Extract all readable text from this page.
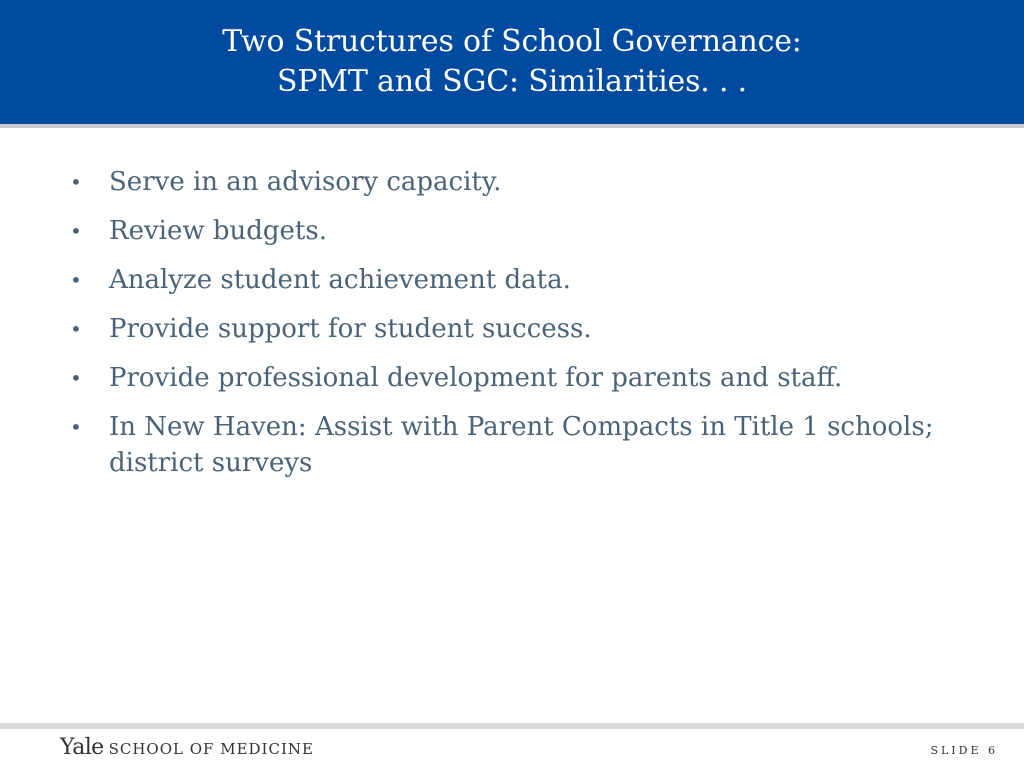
Two Structures of School Governance:
SPMT and SGC: Similarities. . .
•	Serve in an advisory capacity.
•	Review budgets.
•	Analyze student achievement data.
•	Provide support for student success.
•	Provide professional development for parents and staff.
•	In New Haven: Assist with Parent Compacts in Title 1 schools; district surveys
Yale SCHOOL OF MEDICINE	SLIDE 6
